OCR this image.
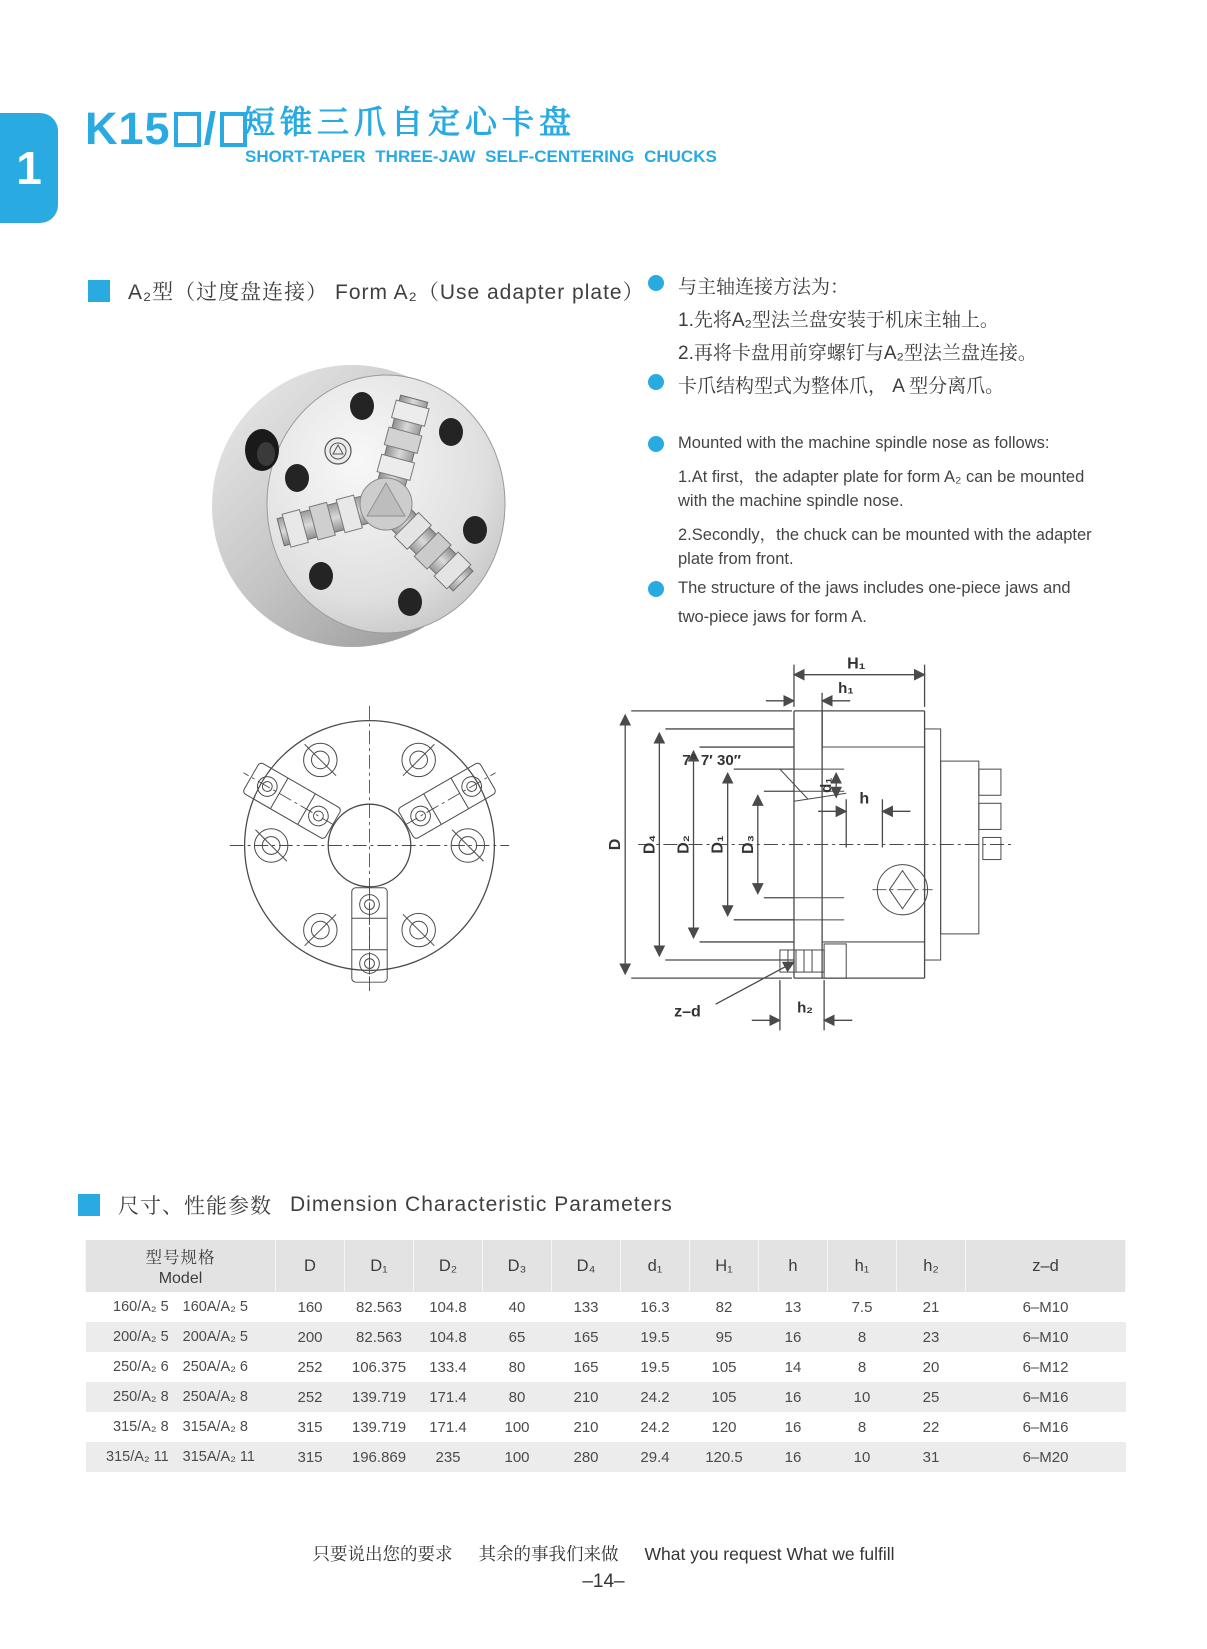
1
K15 / 短锥三爪自定心卡盘
SHORT-TAPER THREE-JAW SELF-CENTERING CHUCKS
A₂型（过度盘连接） Form A₂（Use adapter plate） 与主轴连接方法为：
1.先将A₂型法兰盘安装于机床主轴上。
2.再将卡盘用前穿螺钉与A₂型法兰盘连接。
卡爪结构型式为整体爪， A 型分离爪。
Mounted with the machine spindle nose as follows:
1.At first，the adapter plate for form A₂ can be mounted
with the machine spindle nose.
2.Secondly，the chuck can be mounted with the adapter
plate from front.
The structure of the jaws includes one-piece jaws and
two-piece jaws for form A.
D D₄ D₂ D₁ D₃
H₁
h₁
d₁
7° 7′ 30″
h
z–d	h₂
尺寸、性能参数 Dimension Characteristic Parameters
型号规格
Model	D	D₁	D₂	D₃	D₄	d₁	H₁	h	h₁	h₂	z–d

160/A₂ 5 160A/A₂ 5	160	82.563	104.8	40	133	16.3	82	13	7.5	21	6–M10

200/A₂ 5 200A/A₂ 5	200	82.563	104.8	65	165	19.5	95	16	8	23	6–M10

250/A₂ 6 250A/A₂ 6	252	106.375	133.4	80	165	19.5	105	14	8	20	6–M12

250/A₂ 8 250A/A₂ 8	252	139.719	171.4	80	210	24.2	105	16	10	25	6–M16

315/A₂ 8 315A/A₂ 8	315	139.719	171.4	100	210	24.2	120	16	8	22	6–M16

315/A₂ 11 315A/A₂ 11	315	196.869	235	100	280	29.4	120.5	16	10	31	6–M20
只要说出您的要求 其余的事我们来做 What you request What we fulfill
–14–
